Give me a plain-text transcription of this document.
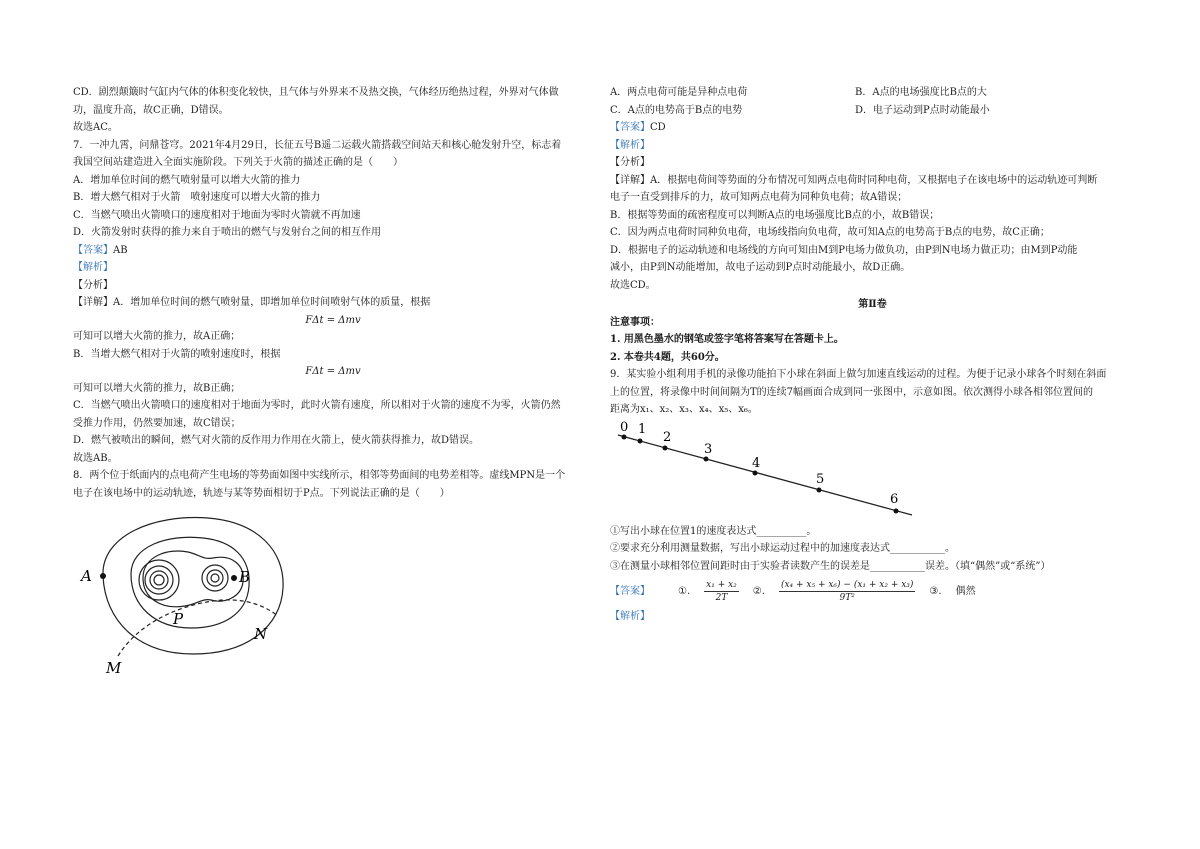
CD．剧烈颠簸时气缸内气体的体积变化较快，且气体与外界来不及热交换，气体经历绝热过程，外界对气体做

功，温度升高，故C正确，D错误。

故选AC。

7．一冲九霄，问鼎苍穹。2021年4月29日，长征五号B遥二运载火箭搭载空间站天和核心舱发射升空，标志着

我国空间站建造进入全面实施阶段。下列关于火箭的描述正确的是（　　）

A．增加单位时间的燃气喷射量可以增大火箭的推力

B．增大燃气相对于火箭　喷射速度可以增大火箭的推力

C．当燃气喷出火箭喷口的速度相对于地面为零时火箭就不再加速

D．火箭发射时获得的推力来自于喷出的燃气与发射台之间的相互作用

【答案】AB

【解析】

【分析】

【详解】A．增加单位时间的燃气喷射量，即增加单位时间喷射气体的质量，根据

FΔt = Δmv

可知可以增大火箭的推力，故A正确；

B．当增大燃气相对于火箭的喷射速度时，根据

FΔt = Δmv

可知可以增大火箭的推力，故B正确；

C．当燃气喷出火箭喷口的速度相对于地面为零时，此时火箭有速度，所以相对于火箭的速度不为零，火箭仍然

受推力作用，仍然要加速，故C错误；

D．燃气被喷出的瞬间，燃气对火箭的反作用力作用在火箭上，使火箭获得推力，故D错误。

故选AB。

8．两个位于纸面内的点电荷产生电场的等势面如图中实线所示，相邻等势面间的电势差相等。虚线MPN是一个

电子在该电场中的运动轨迹，轨迹与某等势面相切于P点。下列说法正确的是（　　）

A	B
P
N
M
A．两点电荷可能是异种点电荷	B．A点的电场强度比B点的大
C．A点的电势高于B点的电势	D．电子运动到P点时动能最小

【答案】CD

【解析】

【分析】

【详解】A．根据电荷间等势面的分布情况可知两点电荷时同种电荷，又根据电子在该电场中的运动轨迹可判断

电子一直受到排斥的力，故可知两点电荷为同种负电荷；故A错误；

B．根据等势面的疏密程度可以判断A点的电场强度比B点的小，故B错误；

C．因为两点电荷时同种负电荷，电场线指向负电荷，故可知A点的电势高于B点的电势，故C正确；

D．根据电子的运动轨迹和电场线的方向可知由M到P电场力做负功，由P到N电场力做正功；由M到P动能

减小，由P到N动能增加，故电子运动到P点时动能最小，故D正确。

故选CD。

第Ⅱ卷

注意事项：

1. 用黑色墨水的钢笔或签字笔将答案写在答题卡上。

2. 本卷共4题，共60分。

9．某实验小组利用手机的录像功能拍下小球在斜面上做匀加速直线运动的过程。为便于记录小球各个时刻在斜面

上的位置，将录像中时间间隔为T的连续7幅画面合成到同一张图中，示意如图。依次测得小球各相邻位置间的

距离为x₁、x₂、x₃、x₄、x₅、x₆。

0 1
2
3
4
5
6

①写出小球在位置1的速度表达式__________。

②要求充分利用测量数据，写出小球运动过程中的加速度表达式___________。

③在测量小球相邻位置间距时由于实验者读数产生的误差是___________误差。（填“偶然”或“系统”）

【答案】	①. $\frac{\text{x₁ + x₂}}{2T}$ ②. $\frac{\text{(x₄ + x₅ + x₆) − (x₁ + x₂ + x₃)}}{\text{9T²}}$ ③. 偶然

【解析】
